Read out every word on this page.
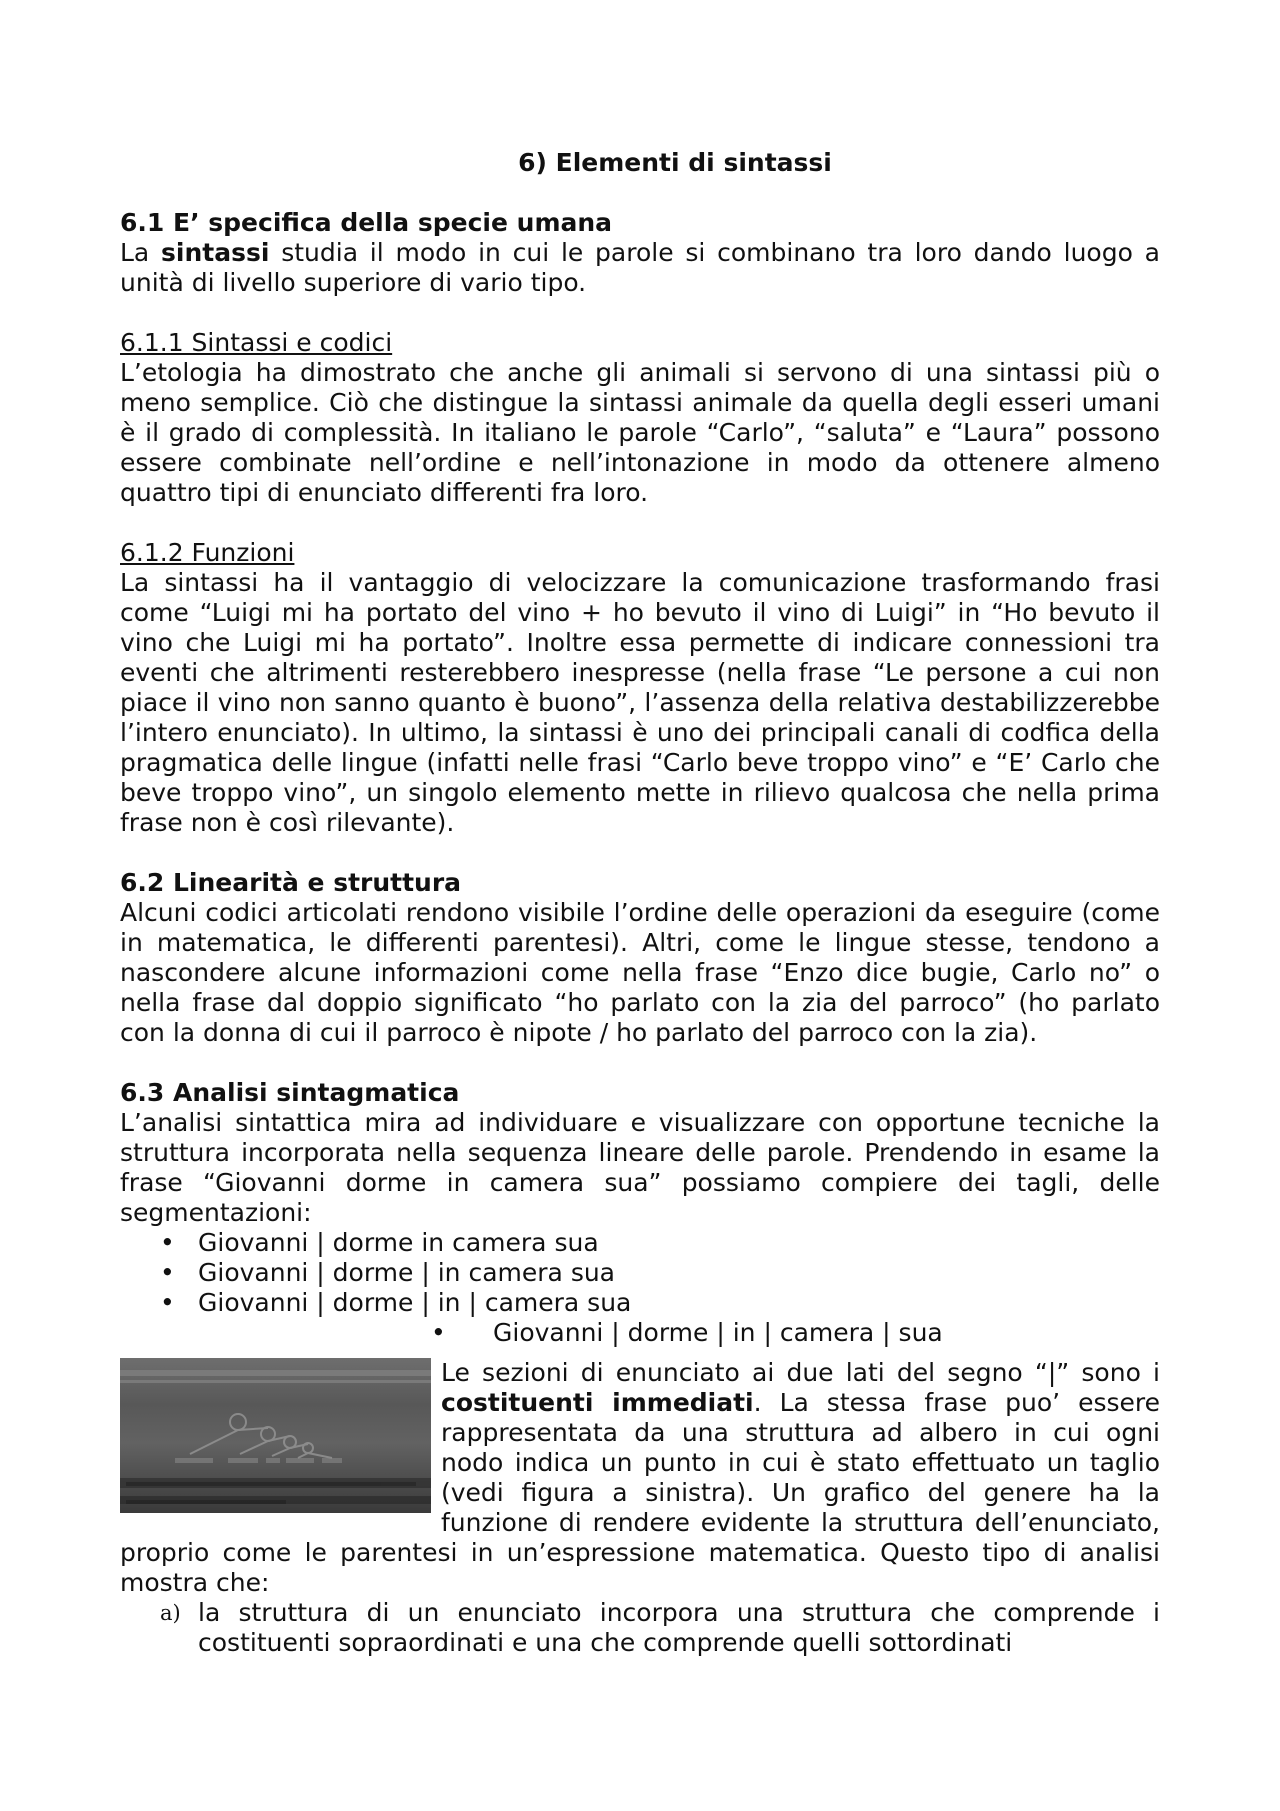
6) Elementi di sintassi
6.1 E’ specifica della specie umana

La sintassi studia il modo in cui le parole si combinano tra loro dando luogo a unità di livello superiore di vario tipo.

6.1.1 Sintassi e codici

L’etologia ha dimostrato che anche gli animali si servono di una sintassi più o meno semplice. Ciò che distingue la sintassi animale da quella degli esseri umani è il grado di complessità. In italiano le parole “Carlo”, “saluta” e “Laura” possono essere combinate nell’ordine e nell’intonazione in modo da ottenere almeno quattro tipi di enunciato differenti fra loro.

6.1.2 Funzioni

La sintassi ha il vantaggio di velocizzare la comunicazione trasformando frasi come “Luigi mi ha portato del vino + ho bevuto il vino di Luigi” in “Ho bevuto il vino che Luigi mi ha portato”. Inoltre essa permette di indicare connessioni tra eventi che altrimenti resterebbero inespresse (nella frase “Le persone a cui non piace il vino non sanno quanto è buono”, l’assenza della relativa destabilizzerebbe l’intero enunciato). In ultimo, la sintassi è uno dei principali canali di codfica della pragmatica delle lingue (infatti nelle frasi “Carlo beve troppo vino” e “E’ Carlo che beve troppo vino”, un singolo elemento mette in rilievo qualcosa che nella prima frase non è così rilevante).

6.2 Linearità e struttura

Alcuni codici articolati rendono visibile l’ordine delle operazioni da eseguire (come in matematica, le differenti parentesi). Altri, come le lingue stesse, tendono a nascondere alcune informazioni come nella frase “Enzo dice bugie, Carlo no” o nella frase dal doppio significato “ho parlato con la zia del parroco” (ho parlato con la donna di cui il parroco è nipote / ho parlato del parroco con la zia).

6.3 Analisi sintagmatica

L’analisi sintattica mira ad individuare e visualizzare con opportune tecniche la struttura incorporata nella sequenza lineare delle parole. Prendendo in esame la frase “Giovanni dorme in camera sua” possiamo compiere dei tagli, delle segmentazioni:

• Giovanni | dorme in camera sua
• Giovanni | dorme | in camera sua
• Giovanni | dorme | in | camera sua
• Giovanni | dorme | in | camera | sua

Le sezioni di enunciato ai due lati del segno “|” sono i costituenti immediati. La stessa frase puo’ essere rappresentata da una struttura ad albero in cui ogni nodo indica un punto in cui è stato effettuato un taglio (vedi figura a sinistra). Un grafico del genere ha la funzione di rendere evidente la struttura dell’enunciato, proprio come le parentesi in un’espressione matematica. Questo tipo di analisi mostra che:

a) la struttura di un enunciato incorpora una struttura che comprende i costituenti sopraordinati e una che comprende quelli sottordinati
